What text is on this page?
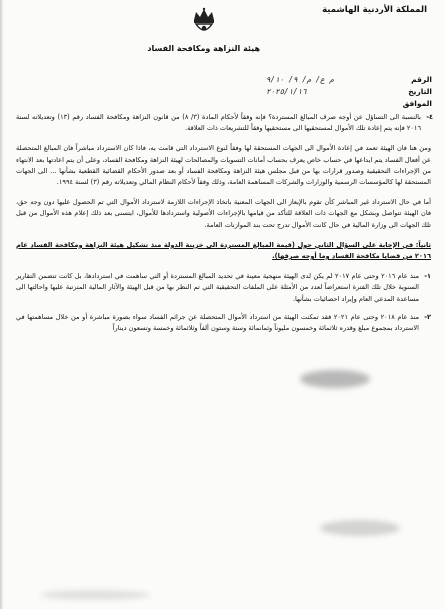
المملكة الأردنية الهاشمية
هيئة النزاهة ومكافحة الفساد
الرقم
م ع/ م/ ٩/ ٩/١٠
التاريخ
٢٠٢٥/١/١٦
الموافق

٤-
بالنسبة الى التساؤل عن أوجه صرف المبالغ المستردة؟ فإنه وفقاً لأحكام المادة (٣/ ٨) من قانون النزاهة ومكافحة الفساد رقم (١٣) وتعديلاته لسنة ٢٠١٦ فإنه يتم إعادة تلك الأموال لمستحقيها الى مستحقيها وفقاً للتشريعات ذات العلاقة.

ومن هنا فان الهيئة تعمد في إعادة الأموال الى الجهات المستحقة لها وفقاً لنوع الاسترداد التي قامت به، فاذا كان الاسترداد مباشراً فان المبالغ المتحصلة عن أفعال الفساد يتم ايداعها في حساب خاص يعرف بحساب أمانات التسويات والمصالحات لهيئة النزاهة ومكافحة الفساد، وعلى أن يتم اعادتها بعد الانتهاء من الإجراءات التحقيقية وصدور قرارات بها من قبل مجلس هيئة النزاهة ومكافحة الفساد أو بعد صدور الأحكام القضائية القطعية بشأنها ... الى الجهات المستحقة لها كالمؤسسات الرسمية والوزارات والشركات المساهمة العامة، وذلك وفقاً لأحكام النظام المالي وتعديلاته رقم (٣) لسنة ١٩٩٤.

أما في حال الاسترداد غير المباشر كأن تقوم بالإيعاز الى الجهات المعنية باتخاذ الإجراءات اللازمة لاسترداد الأموال التي تم الحصول عليها دون وجه حق، فان الهيئة تتواصل وبشكل مع الجهات ذات العلاقة للتأكد من قيامها بالإجراءات الأصولية واستردادها للأموال، ايتسنى بعد ذلك إعلام هذه الأموال من قبل تلك الجهات الى وزارة المالية في حال كانت الأموال تدرج تحت بند الموازنات العامة.

ثانياً: في الإجابة على السؤال الثاني حول (قيمة المبالغ المستردة الى خزينة الدولة منذ تشكيل هيئة النزاهة ومكافحة الفساد عام ٢٠١٦ من قضايا مكافحة الفساد وما أوجه صرفها).

١-
منذ عام ٢٠١٦ وحتى عام ٢٠١٧ لم يكن لدى الهيئة منهجية معينة في تحديد المبالغ المستردة أو التي ساهمت في استردادها، بل كانت تتضمن التقارير السنوية خلال تلك الفترة استعراضاً لعدد من الأمثلة على الملفات التحقيقية التي تم النظر بها من قبل الهيئة والآثار المالية المترتبة عليها واحالتها الى مساعدة المدعي العام وإيراد احصائيات بشأنها.
٢-
منذ عام ٢٠١٨ وحتى عام ٢٠٢١ فقد تمكنت الهيئة من استرداد الأموال المتحصلة عن جرائم الفساد سواء بصورة مباشرة أو من خلال مساهمتها في الاسترداد بمجموع مبلغ وقدره ثلاثمائة وخمسون مليوناً وثمانمائة وستة وستون ألفاً وثلاثمائة وخمسة وتسعون ديناراً
